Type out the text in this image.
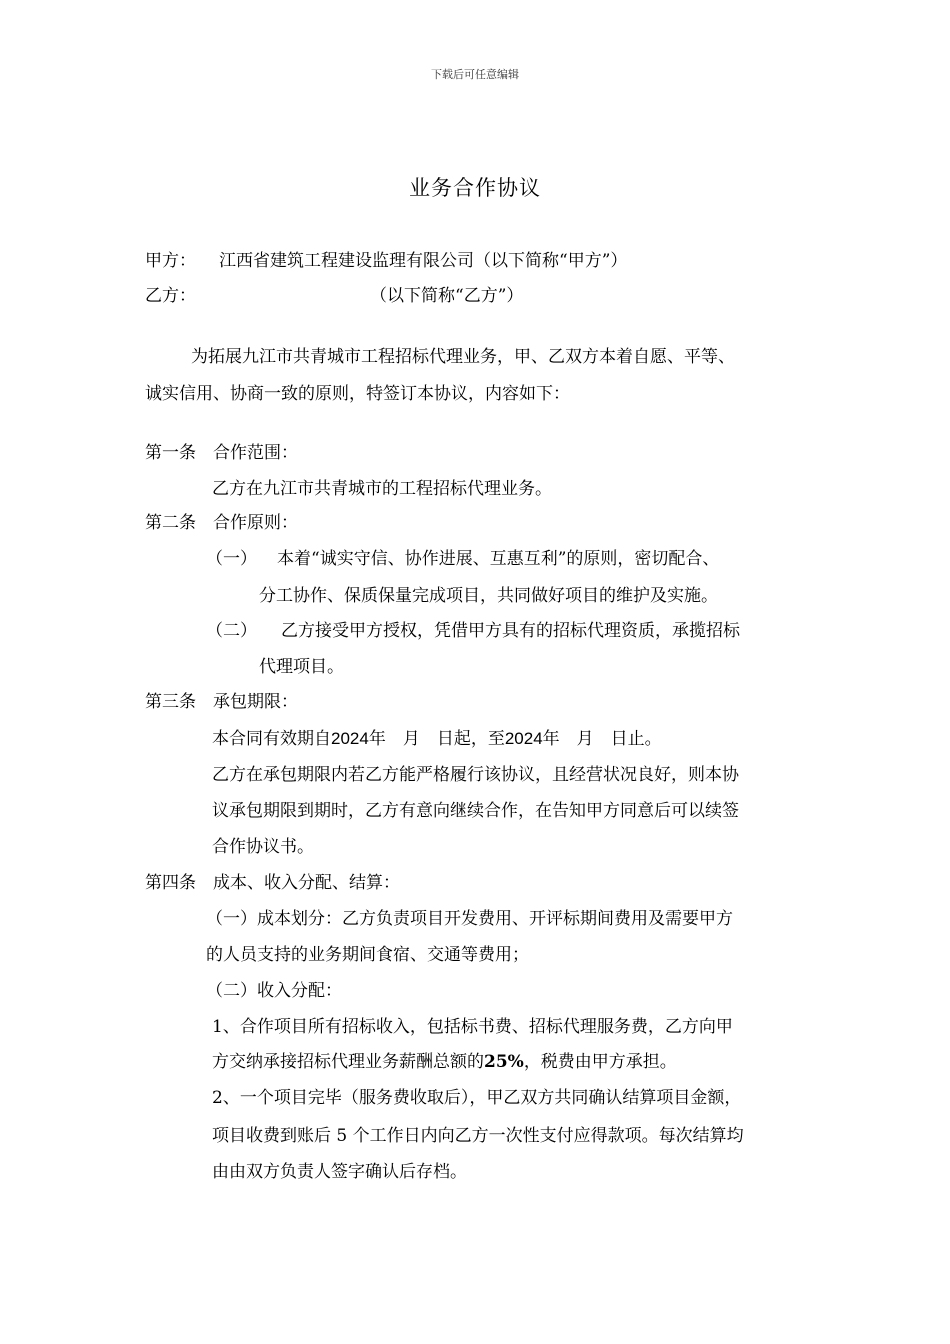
下载后可任意编辑
业务合作协议
甲方： 江西省建筑工程建设监理有限公司（以下简称“甲方”）
乙方：	（以下简称“乙方”）
为拓展九江市共青城市工程招标代理业务，甲、乙双方本着自愿、平等、
诚实信用、协商一致的原则，特签订本协议，内容如下：
第一条　合作范围：
乙方在九江市共青城市的工程招标代理业务。
第二条　合作原则：
（一） 本着“诚实守信、协作进展、互惠互利”的原则，密切配合、
分工协作、保质保量完成项目，共同做好项目的维护及实施。
（二） 乙方接受甲方授权，凭借甲方具有的招标代理资质，承揽招标
代理项目。
第三条　承包期限：
本合同有效期自2024年　月　日起，至2024年　月　日止。
乙方在承包期限内若乙方能严格履行该协议，且经营状况良好，则本协
议承包期限到期时，乙方有意向继续合作，在告知甲方同意后可以续签
合作协议书。
第四条　成本、收入分配、结算：
（一）成本划分：乙方负责项目开发费用、开评标期间费用及需要甲方
的人员支持的业务期间食宿、交通等费用；
（二）收入分配：
1、合作项目所有招标收入，包括标书费、招标代理服务费，乙方向甲
方交纳承接招标代理业务薪酬总额的25%，税费由甲方承担。
2、一个项目完毕（服务费收取后），甲乙双方共同确认结算项目金额，
项目收费到账后 5 个工作日内向乙方一次性支付应得款项。每次结算均
由由双方负责人签字确认后存档。
